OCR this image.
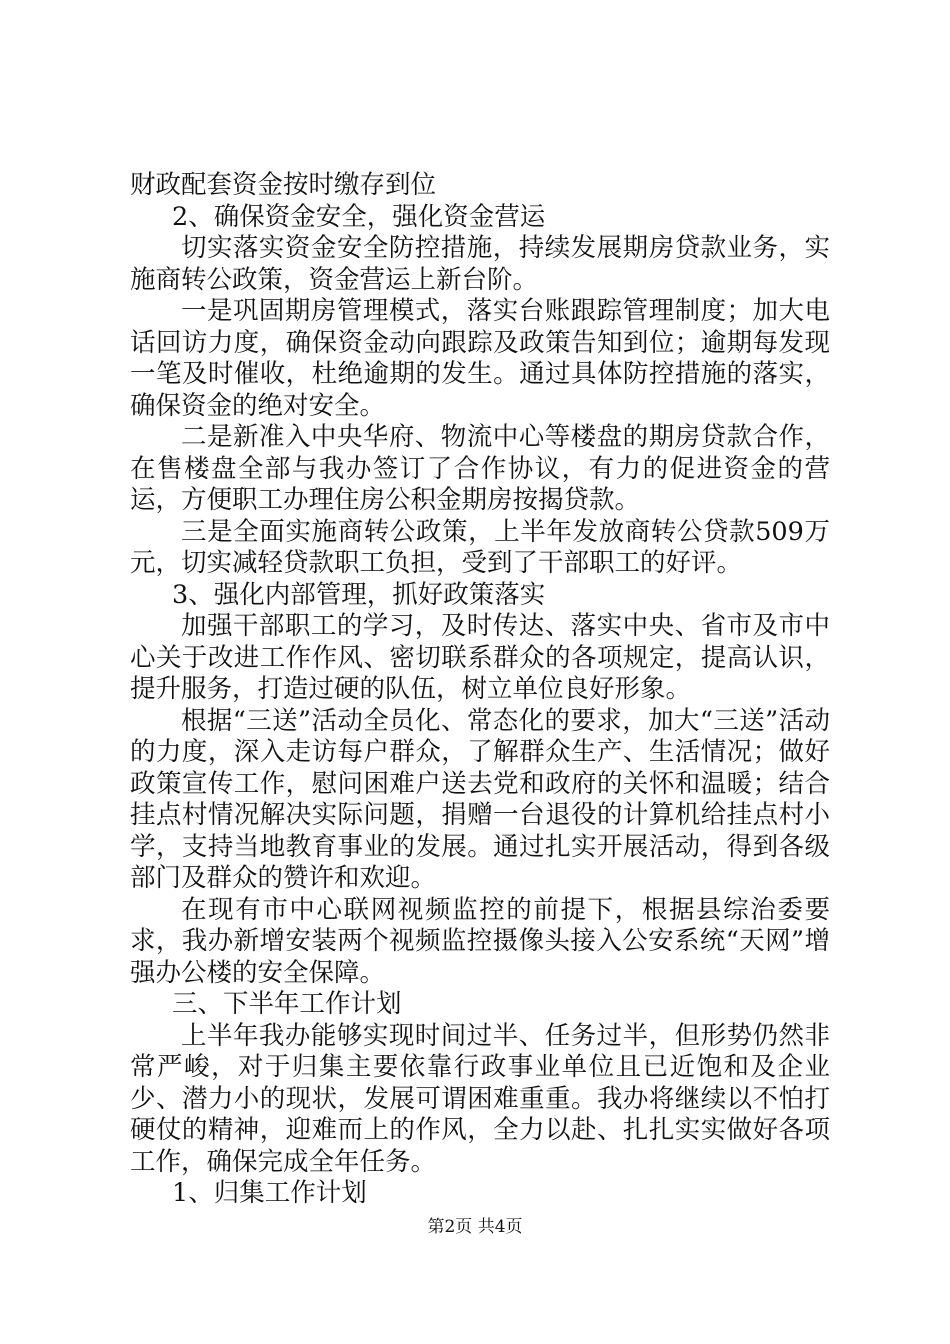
财政配套资金按时缴存到位

2、确保资金安全，强化资金营运

切实落实资金安全防控措施，持续发展期房贷款业务，实施商转公政策，资金营运上新台阶。

一是巩固期房管理模式，落实台账跟踪管理制度；加大电话回访力度，确保资金动向跟踪及政策告知到位；逾期每发现一笔及时催收，杜绝逾期的发生。通过具体防控措施的落实，确保资金的绝对安全。

二是新准入中央华府、物流中心等楼盘的期房贷款合作，在售楼盘全部与我办签订了合作协议，有力的促进资金的营运，方便职工办理住房公积金期房按揭贷款。

三是全面实施商转公政策，上半年发放商转公贷款509万元，切实减轻贷款职工负担，受到了干部职工的好评。

3、强化内部管理，抓好政策落实

加强干部职工的学习，及时传达、落实中央、省市及市中心关于改进工作作风、密切联系群众的各项规定，提高认识，提升服务，打造过硬的队伍，树立单位良好形象。

根据“三送”活动全员化、常态化的要求，加大“三送”活动的力度，深入走访每户群众，了解群众生产、生活情况；做好政策宣传工作，慰问困难户送去党和政府的关怀和温暖；结合挂点村情况解决实际问题，捐赠一台退役的计算机给挂点村小学，支持当地教育事业的发展。通过扎实开展活动，得到各级部门及群众的赞许和欢迎。

在现有市中心联网视频监控的前提下，根据县综治委要求，我办新增安装两个视频监控摄像头接入公安系统“天网”增强办公楼的安全保障。

三、下半年工作计划

上半年我办能够实现时间过半、任务过半，但形势仍然非常严峻，对于归集主要依靠行政事业单位且已近饱和及企业少、潜力小的现状，发展可谓困难重重。我办将继续以不怕打硬仗的精神，迎难而上的作风，全力以赴、扎扎实实做好各项工作，确保完成全年任务。

1、归集工作计划

第2页 共4页
